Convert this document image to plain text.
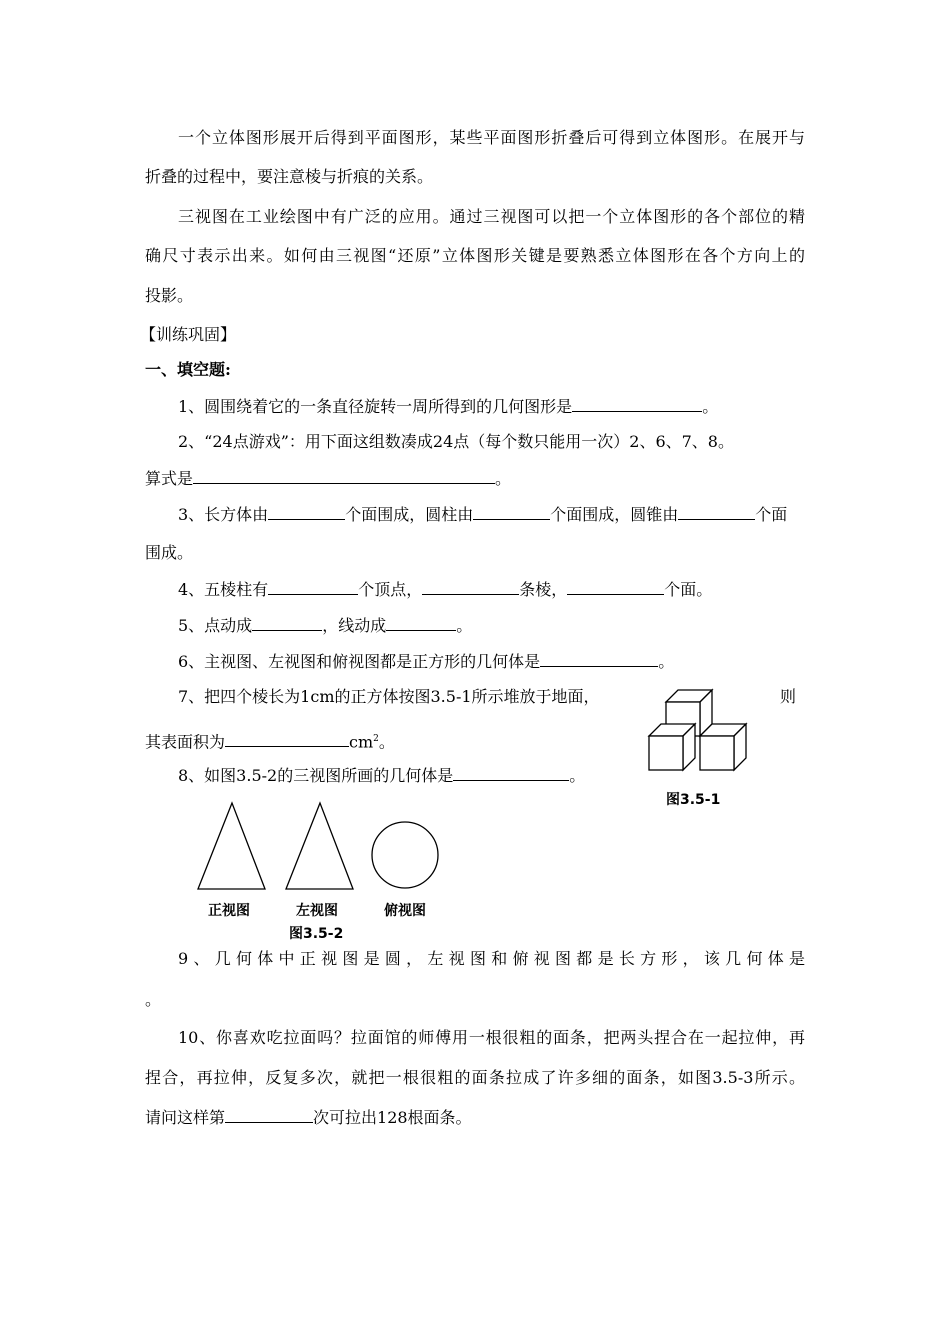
一个立体图形展开后得到平面图形，某些平面图形折叠后可得到立体图形。在展开与
折叠的过程中，要注意棱与折痕的关系。
三视图在工业绘图中有广泛的应用。通过三视图可以把一个立体图形的各个部位的精
确尺寸表示出来。如何由三视图“还原”立体图形关键是要熟悉立体图形在各个方向上的
投影。
【训练巩固】
一、填空题:
1、圆围绕着它的一条直径旋转一周所得到的几何图形是	。
2、“24点游戏”：用下面这组数凑成24点（每个数只能用一次）2、6、7、8。
算式是	。
3、长方体由	个面围成，圆柱由	个面围成，圆锥由	个面
围成。
4、五棱柱有	个顶点，	条棱，	个面。
5、点动成	，线动成	。
6、主视图、左视图和俯视图都是正方形的几何体是	。
7、把四个棱长为1cm的正方体按图3.5-1所示堆放于地面，	则
其表面积为	$cm^2$。
8、如图3.5-2的三视图所画的几何体是	。
图3.5-1
正视图	左视图	俯视图
图3.5-2
9、几何体中正视图是圆，左视图和俯视图都是长方形，该几何体是
。
10、你喜欢吃拉面吗？拉面馆的师傅用一根很粗的面条，把两头捏合在一起拉伸，再
捏合，再拉伸，反复多次，就把一根很粗的面条拉成了许多细的面条，如图3.5-3所示。
请问这样第	次可拉出128根面条。
